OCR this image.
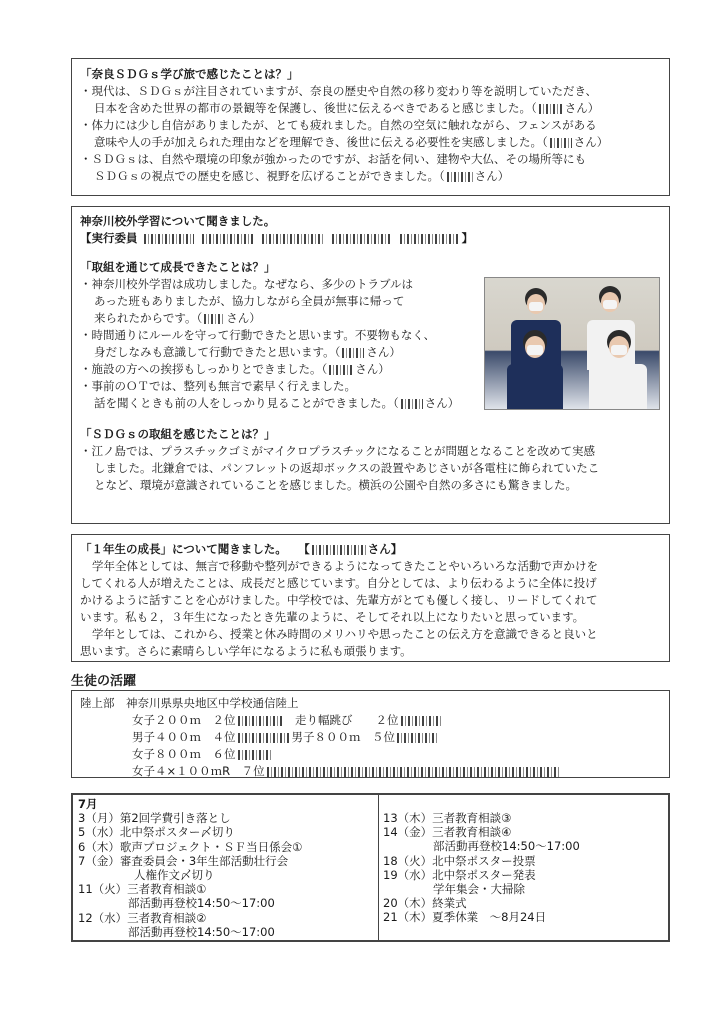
「奈良ＳＤＧｓ学び旅で感じたことは？」
・現代は、ＳＤＧｓが注目されていますが、奈良の歴史や自然の移り変わり等を説明していただき、
日本を含めた世界の都市の景観等を保護し、後世に伝えるべきであると感じました。（ さん）
・体力には少し自信がありましたが、とても疲れました。自然の空気に触れながら、フェンスがある
意味や人の手が加えられた理由などを理解でき、後世に伝える必要性を実感しました。（ さん）
・ＳＤＧｓは、自然や環境の印象が強かったのですが、お話を伺い、建物や大仏、その場所等にも
ＳＤＧｓの視点での歴史を感じ、視野を広げることができました。（	さん）
神奈川校外学習について聞きました。
【実行委員	】
「取組を通じて成長できたことは？」
・神奈川校外学習は成功しました。なぜなら、多少のトラブルは
あった班もありましたが、協力しながら全員が無事に帰って
来られたからです。（ さん）
・時間通りにルールを守って行動できたと思います。不要物もなく、
身だしなみも意識して行動できたと思います。（ さん）
・施設の方への挨拶もしっかりとできました。（ さん）
・事前のＯＴでは、整列も無言で素早く行えました。
話を聞くときも前の人をしっかり見ることができました。（ さん）
「ＳＤＧｓの取組を感じたことは？」
・江ノ島では、プラスチックゴミがマイクロプラスチックになることが問題となることを改めて実感
しました。北鎌倉では、パンフレットの返却ボックスの設置やあじさいが各電柱に飾られていたこ
となど、環境が意識されていることを感じました。横浜の公園や自然の多さにも驚きました。
「１年生の成長」について聞きました。　　 【	さん】
学年全体としては、無言で移動や整列ができるようになってきたことやいろいろな活動で声かけを
してくれる人が増えたことは、成長だと感じています。自分としては、より伝わるように全体に投げ
かけるように話すことを心がけました。中学校では、先輩方がとても優しく接し、リードしてくれて
います。私も２，３年生になったとき先輩のように、そしてそれ以上になりたいと思っています。
学年としては、これから、授業と休み時間のメリハリや思ったことの伝え方を意識できると良いと
思います。さらに素晴らしい学年になるように私も頑張ります。
生徒の活躍
陸上部　 神奈川県県央地区中学校通信陸上
女子２００ｍ　２位　	走り幅跳び　　２位
男子４００ｍ　４位	男子８００ｍ　５位
女子８００ｍ　６位
女子４×１００ｍR　７位
7月
3（月）第2回学費引き落とし
5（水）北中祭ポスター〆切り
6（木）歌声プロジェクト・ＳＦ当日係会①
7（金）審査委員会・3年生部活動壮行会
人権作文〆切り
11（火）三者教育相談①
部活動再登校14:50～17:00
12（水）三者教育相談②
部活動再登校14:50～17:00
13（木）三者教育相談③
14（金）三者教育相談④
部活動再登校14:50～17:00
18（火）北中祭ポスター投票
19（水）北中祭ポスター発表
学年集会・大掃除
20（木）終業式
21（木）夏季休業　～8月24日
